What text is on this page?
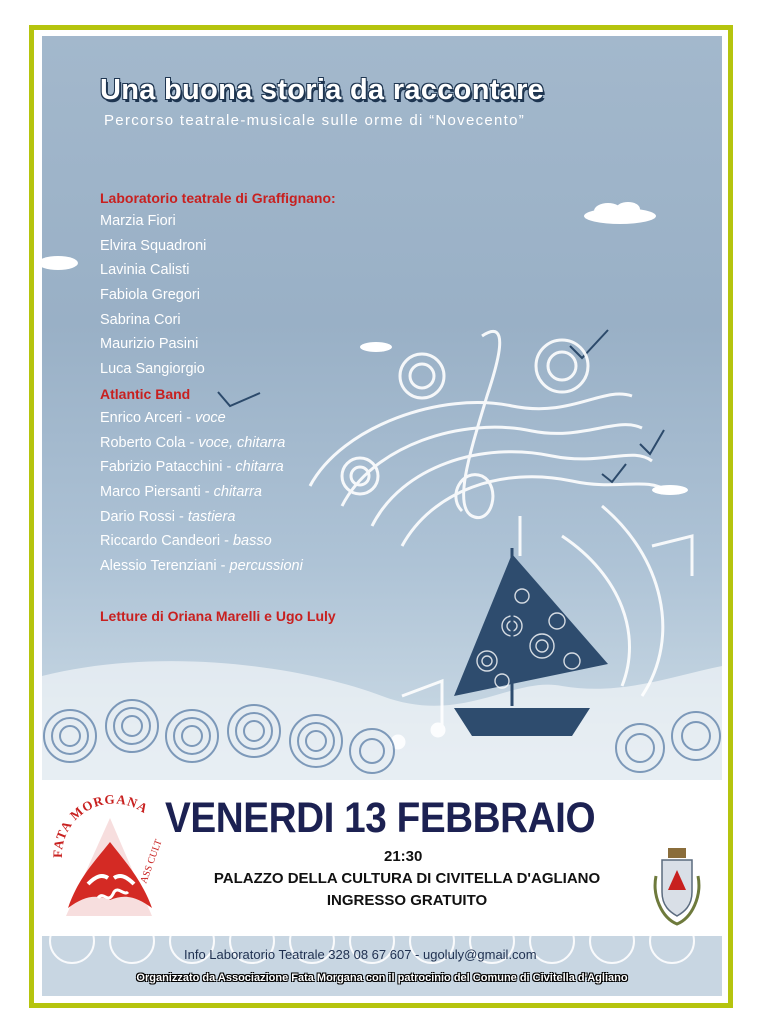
Una buona storia da raccontare
Percorso teatrale-musicale sulle orme di “Novecento”
Laboratorio teatrale di Graffignano:
Marzia Fiori
Elvira Squadroni
Lavinia Calisti
Fabiola Gregori
Sabrina Cori
Maurizio Pasini
Luca Sangiorgio
Atlantic Band
Enrico Arceri - voce
Roberto Cola - voce, chitarra
Fabrizio Patacchini - chitarra
Marco Piersanti - chitarra
Dario Rossi - tastiera
Riccardo Candeori - basso
Alessio Terenziani - percussioni
Letture di Oriana Marelli e Ugo Luly
FATA MORGANA
ASS CULT
VENERDI 13 FEBBRAIO
21:30
PALAZZO DELLA CULTURA DI CIVITELLA D'AGLIANO
INGRESSO GRATUITO
Info Laboratorio Teatrale 328 08 67 607 - ugoluly@gmail.com
Organizzato da Associazione Fata Morgana con il patrocinio del Comune di Civitella d'Agliano
